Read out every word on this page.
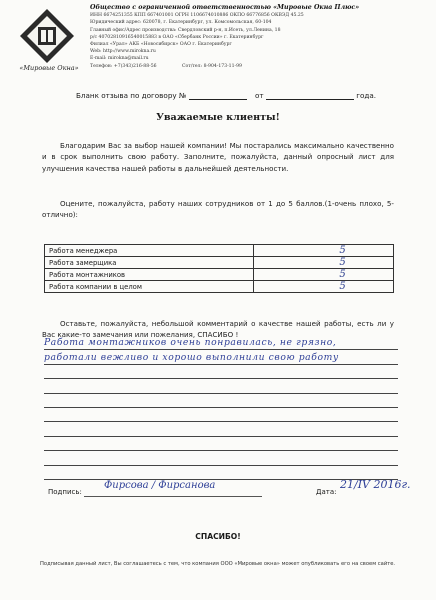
«Мировые Окна»
Общество с ограниченной ответственностью «Мировые Окна Плюс»
ИНН 6674251355 КПП 667401001 ОГРН 1106674010886 ОКПО 66776856 ОКВЭД 45.25
Юридический адрес: 620078, г. Екатеринбург, ул. Комсомольская, 60-104
Главный офис/Адрес производства: Свердловский р-н, п.Исеть, ул.Ленина, 18
р/с 40702810916540015883 в ОАО «Сбербанк России» г. Екатеринбург
Филиал «Урал» АКБ «Новосибирск» ОАО г. Екатеринбург
Web: http://www.mirokna.ru
E-mail: mirokna@mail.ru
Телефон: +7(343)216-88-56	Сот/тел: 8-904-173-11-99
Бланк отзыва по договору №	от	года.
Уважаемые клиенты!
Благодарим Вас за выбор нашей компании! Мы постарались максимально качественно и в срок выполнить свою работу. Заполните, пожалуйста, данный опросный лист для улучшения качества нашей работы в дальнейшей деятельности.
Оцените, пожалуйста, работу наших сотрудников от 1 до 5 баллов.(1-очень плохо, 5-отлично):
Работа менеджера	5
Работа замерщика	5
Работа монтажников	5
Работа компании в целом	5
Оставьте, пожалуйста, небольшой комментарий о качестве нашей работы, есть ли у Вас какие-то замечания или пожелания, СПАСИБО !
Работа монтажников очень понравилась, не грязно,
работали вежливо и хорошо выполнили свою работу
Подпись:
Фирсова / Фирсанова
Дата:
21/IV 2016г.
СПАСИБО!
Подписывая данный лист, Вы соглашаетесь с тем, что компания ООО «Мировые окна» может опубликовать его на своем сайте.
